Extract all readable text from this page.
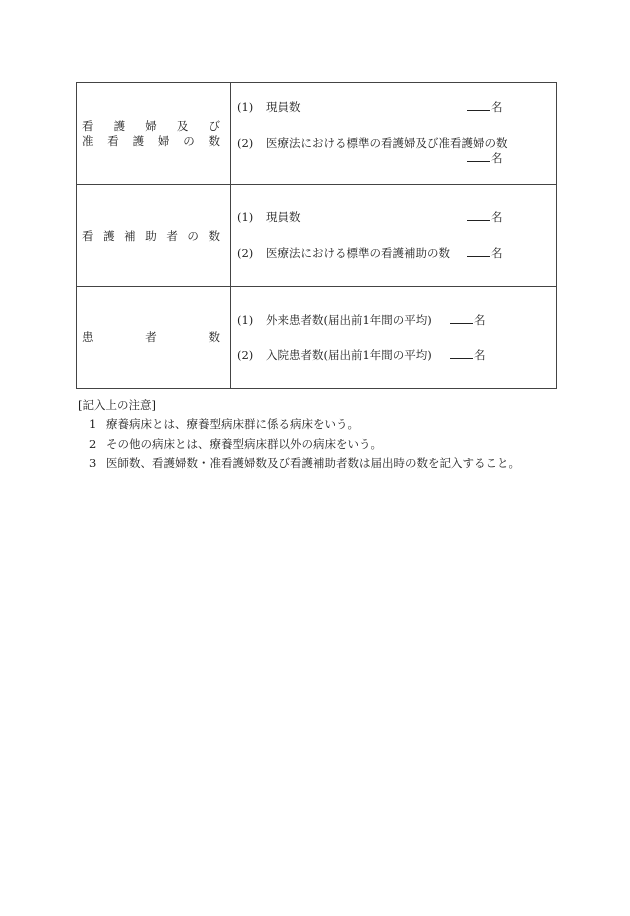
看護婦及び
准看護婦の数
(1) 現員数	名
(2) 医療法における標準の看護婦及び准看護婦の数
名
看護補助者の数
(1) 現員数	名
(2) 医療法における標準の看護補助の数	名
患者数
(1) 外来患者数(届出前1年間の平均)	名
(2) 入院患者数(届出前1年間の平均)	名
[記入上の注意]
1 療養病床とは、療養型病床群に係る病床をいう。
2 その他の病床とは、療養型病床群以外の病床をいう。
3 医師数、看護婦数・准看護婦数及び看護補助者数は届出時の数を記入すること。
